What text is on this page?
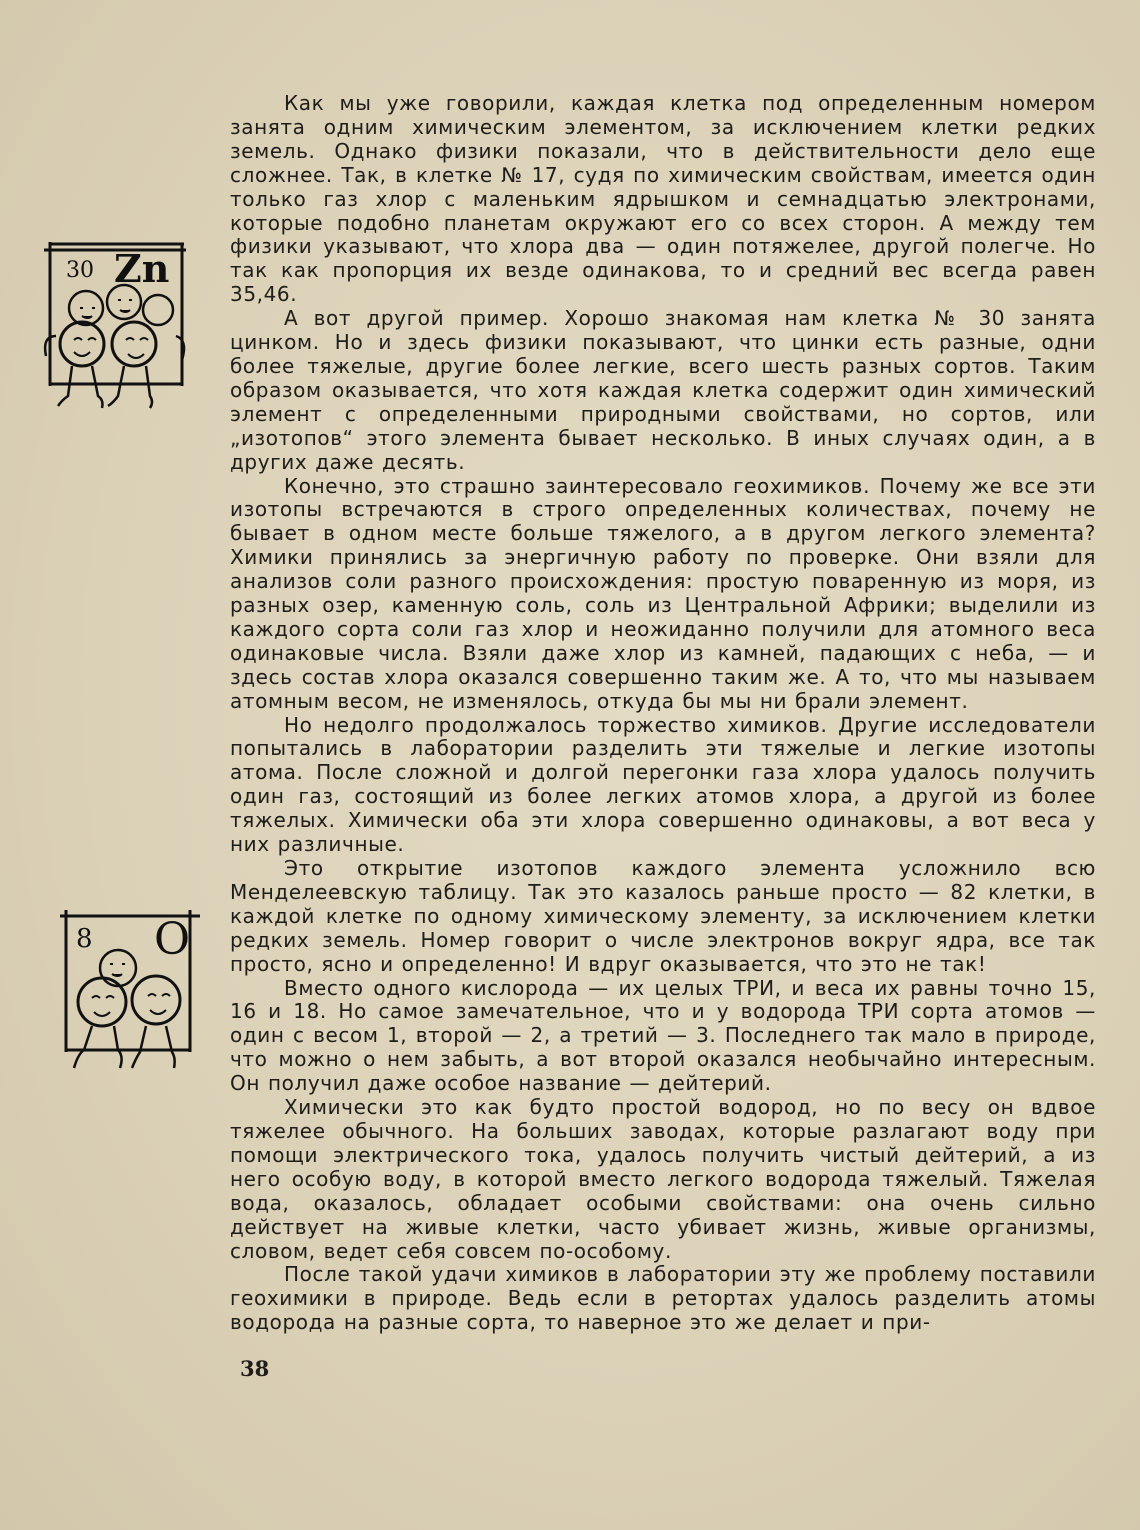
30 Zn
8 O

Как мы уже говорили, каждая клетка под определенным номером занята одним химическим элементом, за исключением клетки редких земель. Однако физики показали, что в действительности дело еще сложнее. Так, в клетке № 17, судя по химическим свойствам, имеется один только газ хлор с маленьким ядрышком и семнадцатью электронами, которые подобно планетам окружают его со всех сторон. А между тем физики указывают, что хлора два — один потяжелее, другой полегче. Но так как пропорция их везде одинакова, то и средний вес всегда равен 35,46.

А вот другой пример. Хорошо знакомая нам клетка № 30 занята цинком. Но и здесь физики показывают, что цинки есть разные, одни более тяжелые, другие более легкие, всего шесть разных сортов. Таким образом оказывается, что хотя каждая клетка содержит один химический элемент с определенными природными свойствами, но сортов, или „изотопов“ этого элемента бывает несколько. В иных случаях один, а в других даже десять.

Конечно, это страшно заинтересовало геохимиков. Почему же все эти изотопы встречаются в строго определенных количествах, почему не бывает в одном месте больше тяжелого, а в другом легкого элемента? Химики принялись за энергичную работу по проверке. Они взяли для анализов соли разного происхождения: простую поваренную из моря, из разных озер, каменную соль, соль из Центральной Африки; выделили из каждого сорта соли газ хлор и неожиданно получили для атомного веса одинаковые числа. Взяли даже хлор из камней, падающих с неба, — и здесь состав хлора оказался совершенно таким же. А то, что мы называем атомным весом, не изменялось, откуда бы мы ни брали элемент.

Но недолго продолжалось торжество химиков. Другие исследователи попытались в лаборатории разделить эти тяжелые и легкие изотопы атома. После сложной и долгой перегонки газа хлора удалось получить один газ, состоящий из более легких атомов хлора, а другой из более тяжелых. Химически оба эти хлора совершенно одинаковы, а вот веса у них различные.

Это открытие изотопов каждого элемента усложнило всю Менделеевскую таблицу. Так это казалось раньше просто — 82 клетки, в каждой клетке по одному химическому элементу, за исключением клетки редких земель. Номер говорит о числе электронов вокруг ядра, все так просто, ясно и определенно! И вдруг оказывается, что это не так!

Вместо одного кислорода — их целых ТРИ, и веса их равны точно 15, 16 и 18. Но самое замечательное, что и у водорода ТРИ сорта атомов — один с весом 1, второй — 2, а третий — 3. Последнего так мало в природе, что можно о нем забыть, а вот второй оказался необычайно интересным. Он получил даже особое название — дейтерий.

Химически это как будто простой водород, но по весу он вдвое тяжелее обычного. На больших заводах, которые разлагают воду при помощи электрического тока, удалось получить чистый дейтерий, а из него особую воду, в которой вместо легкого водорода тяжелый. Тяжелая вода, оказалось, обладает особыми свойствами: она очень сильно действует на живые клетки, часто убивает жизнь, живые организмы, словом, ведет себя совсем по-особому.

После такой удачи химиков в лаборатории эту же проблему поставили геохимики в природе. Ведь если в ретортах удалось разделить атомы водорода на разные сорта, то наверное это же делает и при-

38
